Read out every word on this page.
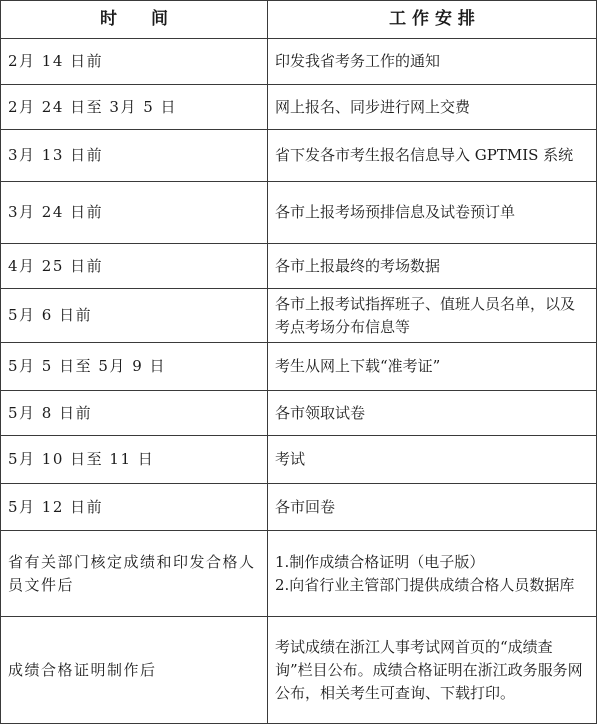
时　　间	工 作 安 排
2月 14 日前	印发我省考务工作的通知
2月 24 日至 3月 5 日	网上报名、同步进行网上交费
3月 13 日前	省下发各市考生报名信息导入 GPTMIS 系统
3月 24 日前	各市上报考场预排信息及试卷预订单
4月 25 日前	各市上报最终的考场数据
5月 6 日前	各市上报考试指挥班子、值班人员名单，以及考点考场分布信息等
5月 5 日至 5月 9 日	考生从网上下载“准考证”
5月 8 日前	各市领取试卷
5月 10 日至 11 日	考试
5月 12 日前	各市回卷
省有关部门核定成绩和印发合格人员文件后	1.制作成绩合格证明（电子版）
2.向省行业主管部门提供成绩合格人员数据库

成绩合格证明制作后	考试成绩在浙江人事考试网首页的“成绩查询”栏目公布。成绩合格证明在浙江政务服务网公布，相关考生可查询、下载打印。
